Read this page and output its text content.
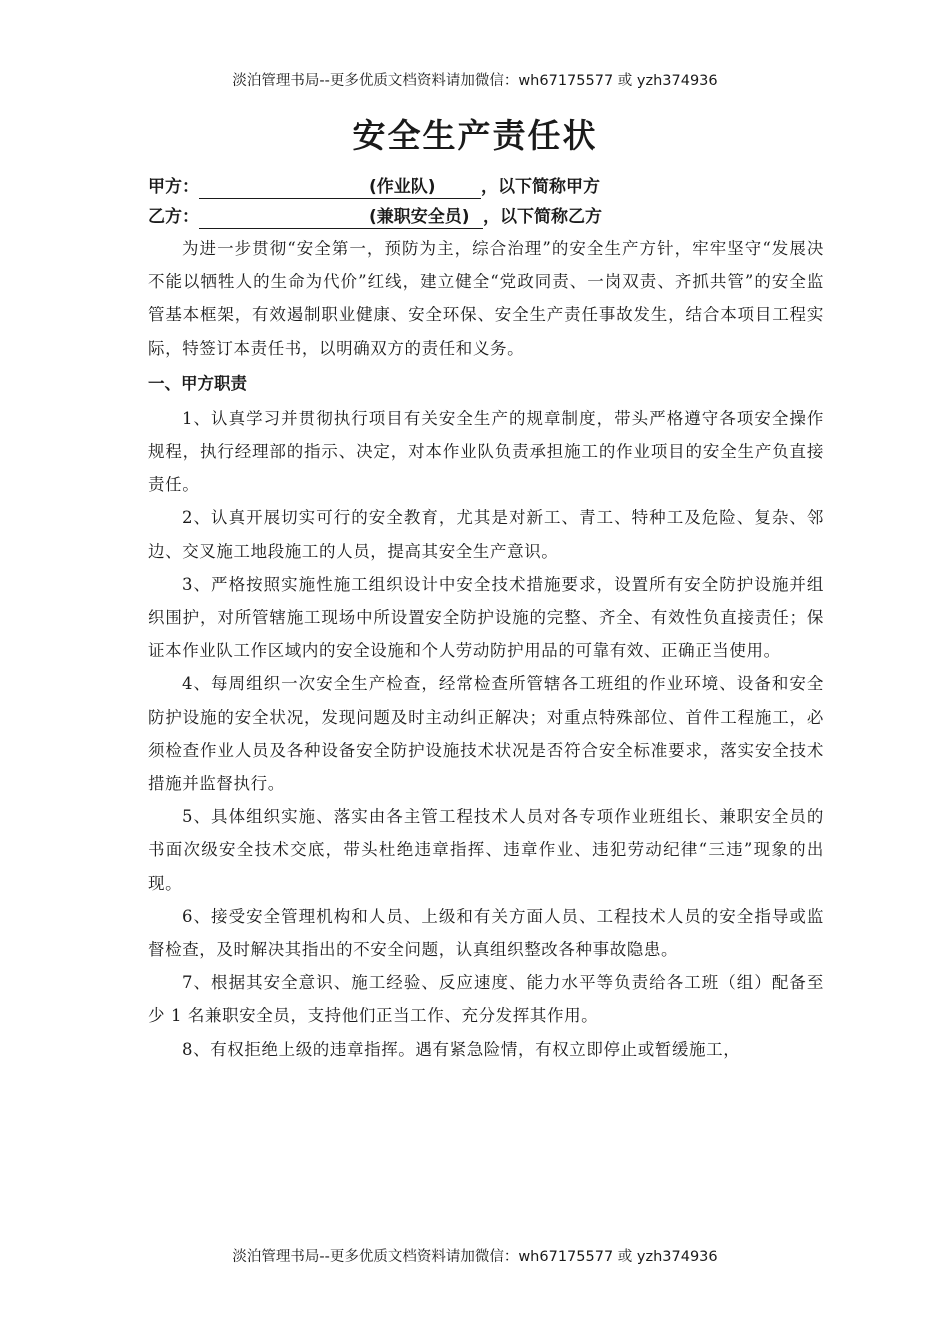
淡泊管理书局--更多优质文档资料请加微信：wh67175577 或 yzh374936
安全生产责任状
甲方：	(作业队)	，以下简称甲方
乙方：	(兼职安全员) ，以下简称乙方

为进一步贯彻“安全第一，预防为主，综合治理”的安全生产方针，牢牢坚守“发展决不能以牺牲人的生命为代价”红线，建立健全“党政同责、一岗双责、齐抓共管”的安全监管基本框架，有效遏制职业健康、安全环保、安全生产责任事故发生，结合本项目工程实际，特签订本责任书，以明确双方的责任和义务。

一、甲方职责

1、认真学习并贯彻执行项目有关安全生产的规章制度，带头严格遵守各项安全操作规程，执行经理部的指示、决定，对本作业队负责承担施工的作业项目的安全生产负直接责任。

2、认真开展切实可行的安全教育，尤其是对新工、青工、特种工及危险、复杂、邻边、交叉施工地段施工的人员，提高其安全生产意识。

3、严格按照实施性施工组织设计中安全技术措施要求，设置所有安全防护设施并组织围护，对所管辖施工现场中所设置安全防护设施的完整、齐全、有效性负直接责任；保证本作业队工作区域内的安全设施和个人劳动防护用品的可靠有效、正确正当使用。

4、每周组织一次安全生产检查，经常检查所管辖各工班组的作业环境、设备和安全防护设施的安全状况，发现问题及时主动纠正解决；对重点特殊部位、首件工程施工，必须检查作业人员及各种设备安全防护设施技术状况是否符合安全标准要求，落实安全技术措施并监督执行。

5、具体组织实施、落实由各主管工程技术人员对各专项作业班组长、兼职安全员的书面次级安全技术交底，带头杜绝违章指挥、违章作业、违犯劳动纪律“三违”现象的出现。

6、接受安全管理机构和人员、上级和有关方面人员、工程技术人员的安全指导或监督检查，及时解决其指出的不安全问题，认真组织整改各种事故隐患。

7、根据其安全意识、施工经验、反应速度、能力水平等负责给各工班（组）配备至少 1 名兼职安全员，支持他们正当工作、充分发挥其作用。

8、有权拒绝上级的违章指挥。遇有紧急险情，有权立即停止或暂缓施工，

淡泊管理书局--更多优质文档资料请加微信：wh67175577 或 yzh374936
